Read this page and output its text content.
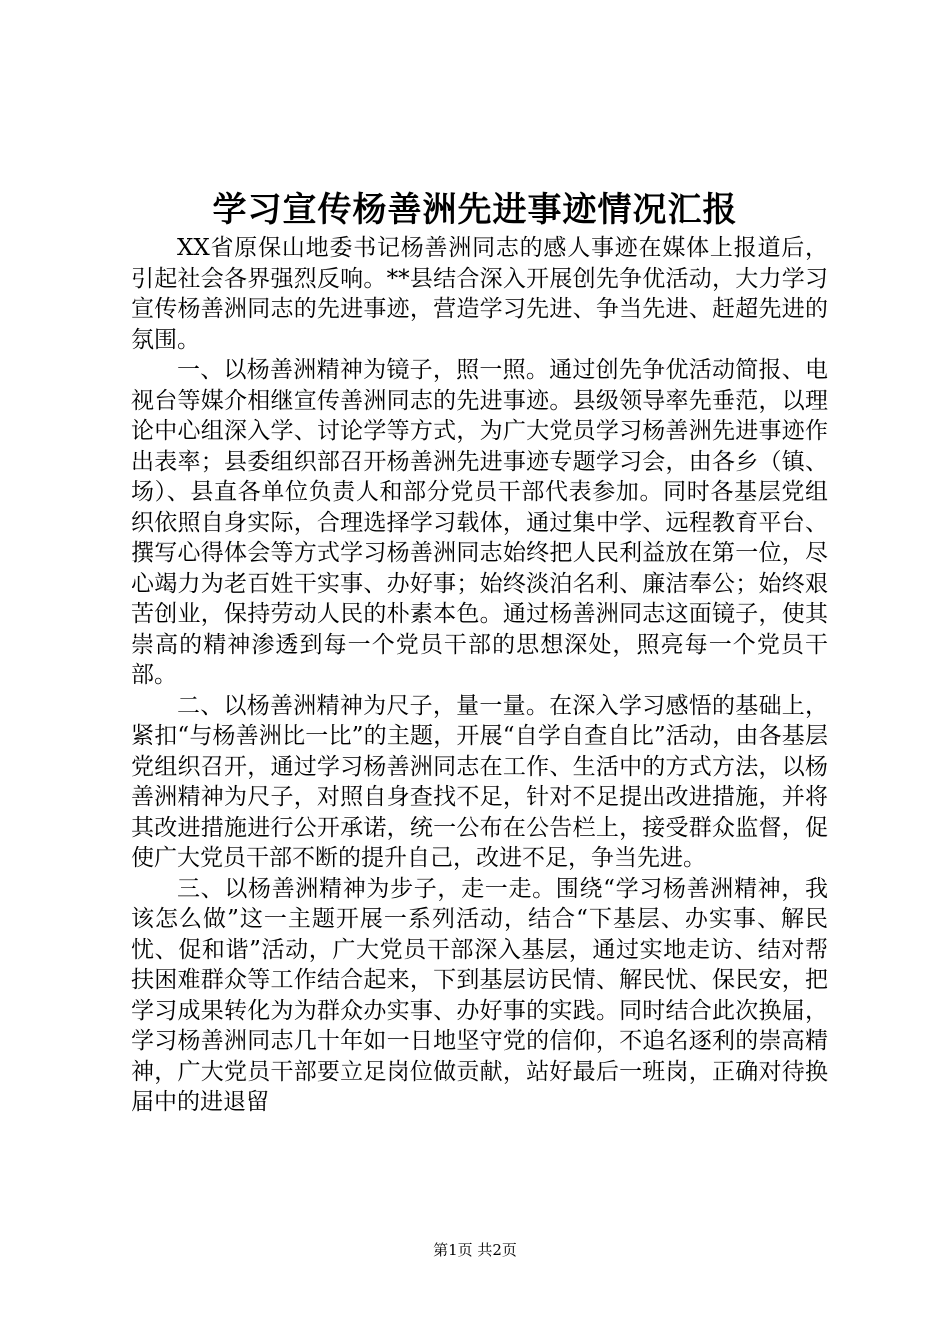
学习宣传杨善洲先进事迹情况汇报

XX省原保山地委书记杨善洲同志的感人事迹在媒体上报道后，引起社会各界强烈反响。**县结合深入开展创先争优活动，大力学习宣传杨善洲同志的先进事迹，营造学习先进、争当先进、赶超先进的氛围。

一、以杨善洲精神为镜子，照一照。通过创先争优活动简报、电视台等媒介相继宣传善洲同志的先进事迹。县级领导率先垂范，以理论中心组深入学、讨论学等方式，为广大党员学习杨善洲先进事迹作出表率；县委组织部召开杨善洲先进事迹专题学习会，由各乡（镇、场）、县直各单位负责人和部分党员干部代表参加。同时各基层党组织依照自身实际，合理选择学习载体，通过集中学、远程教育平台、撰写心得体会等方式学习杨善洲同志始终把人民利益放在第一位，尽心竭力为老百姓干实事、办好事；始终淡泊名利、廉洁奉公；始终艰苦创业，保持劳动人民的朴素本色。通过杨善洲同志这面镜子，使其崇高的精神渗透到每一个党员干部的思想深处，照亮每一个党员干部。

二、以杨善洲精神为尺子，量一量。在深入学习感悟的基础上，紧扣“与杨善洲比一比”的主题，开展“自学自查自比”活动，由各基层党组织召开，通过学习杨善洲同志在工作、生活中的方式方法，以杨善洲精神为尺子，对照自身查找不足，针对不足提出改进措施，并将其改进措施进行公开承诺，统一公布在公告栏上，接受群众监督，促使广大党员干部不断的提升自己，改进不足，争当先进。

三、以杨善洲精神为步子，走一走。围绕“学习杨善洲精神，我该怎么做”这一主题开展一系列活动，结合“下基层、办实事、解民忧、促和谐”活动，广大党员干部深入基层，通过实地走访、结对帮扶困难群众等工作结合起来，下到基层访民情、解民忧、保民安，把学习成果转化为为群众办实事、办好事的实践。同时结合此次换届，学习杨善洲同志几十年如一日地坚守党的信仰，不追名逐利的崇高精神，广大党员干部要立足岗位做贡献，站好最后一班岗，正确对待换届中的进退留

第1页 共2页
